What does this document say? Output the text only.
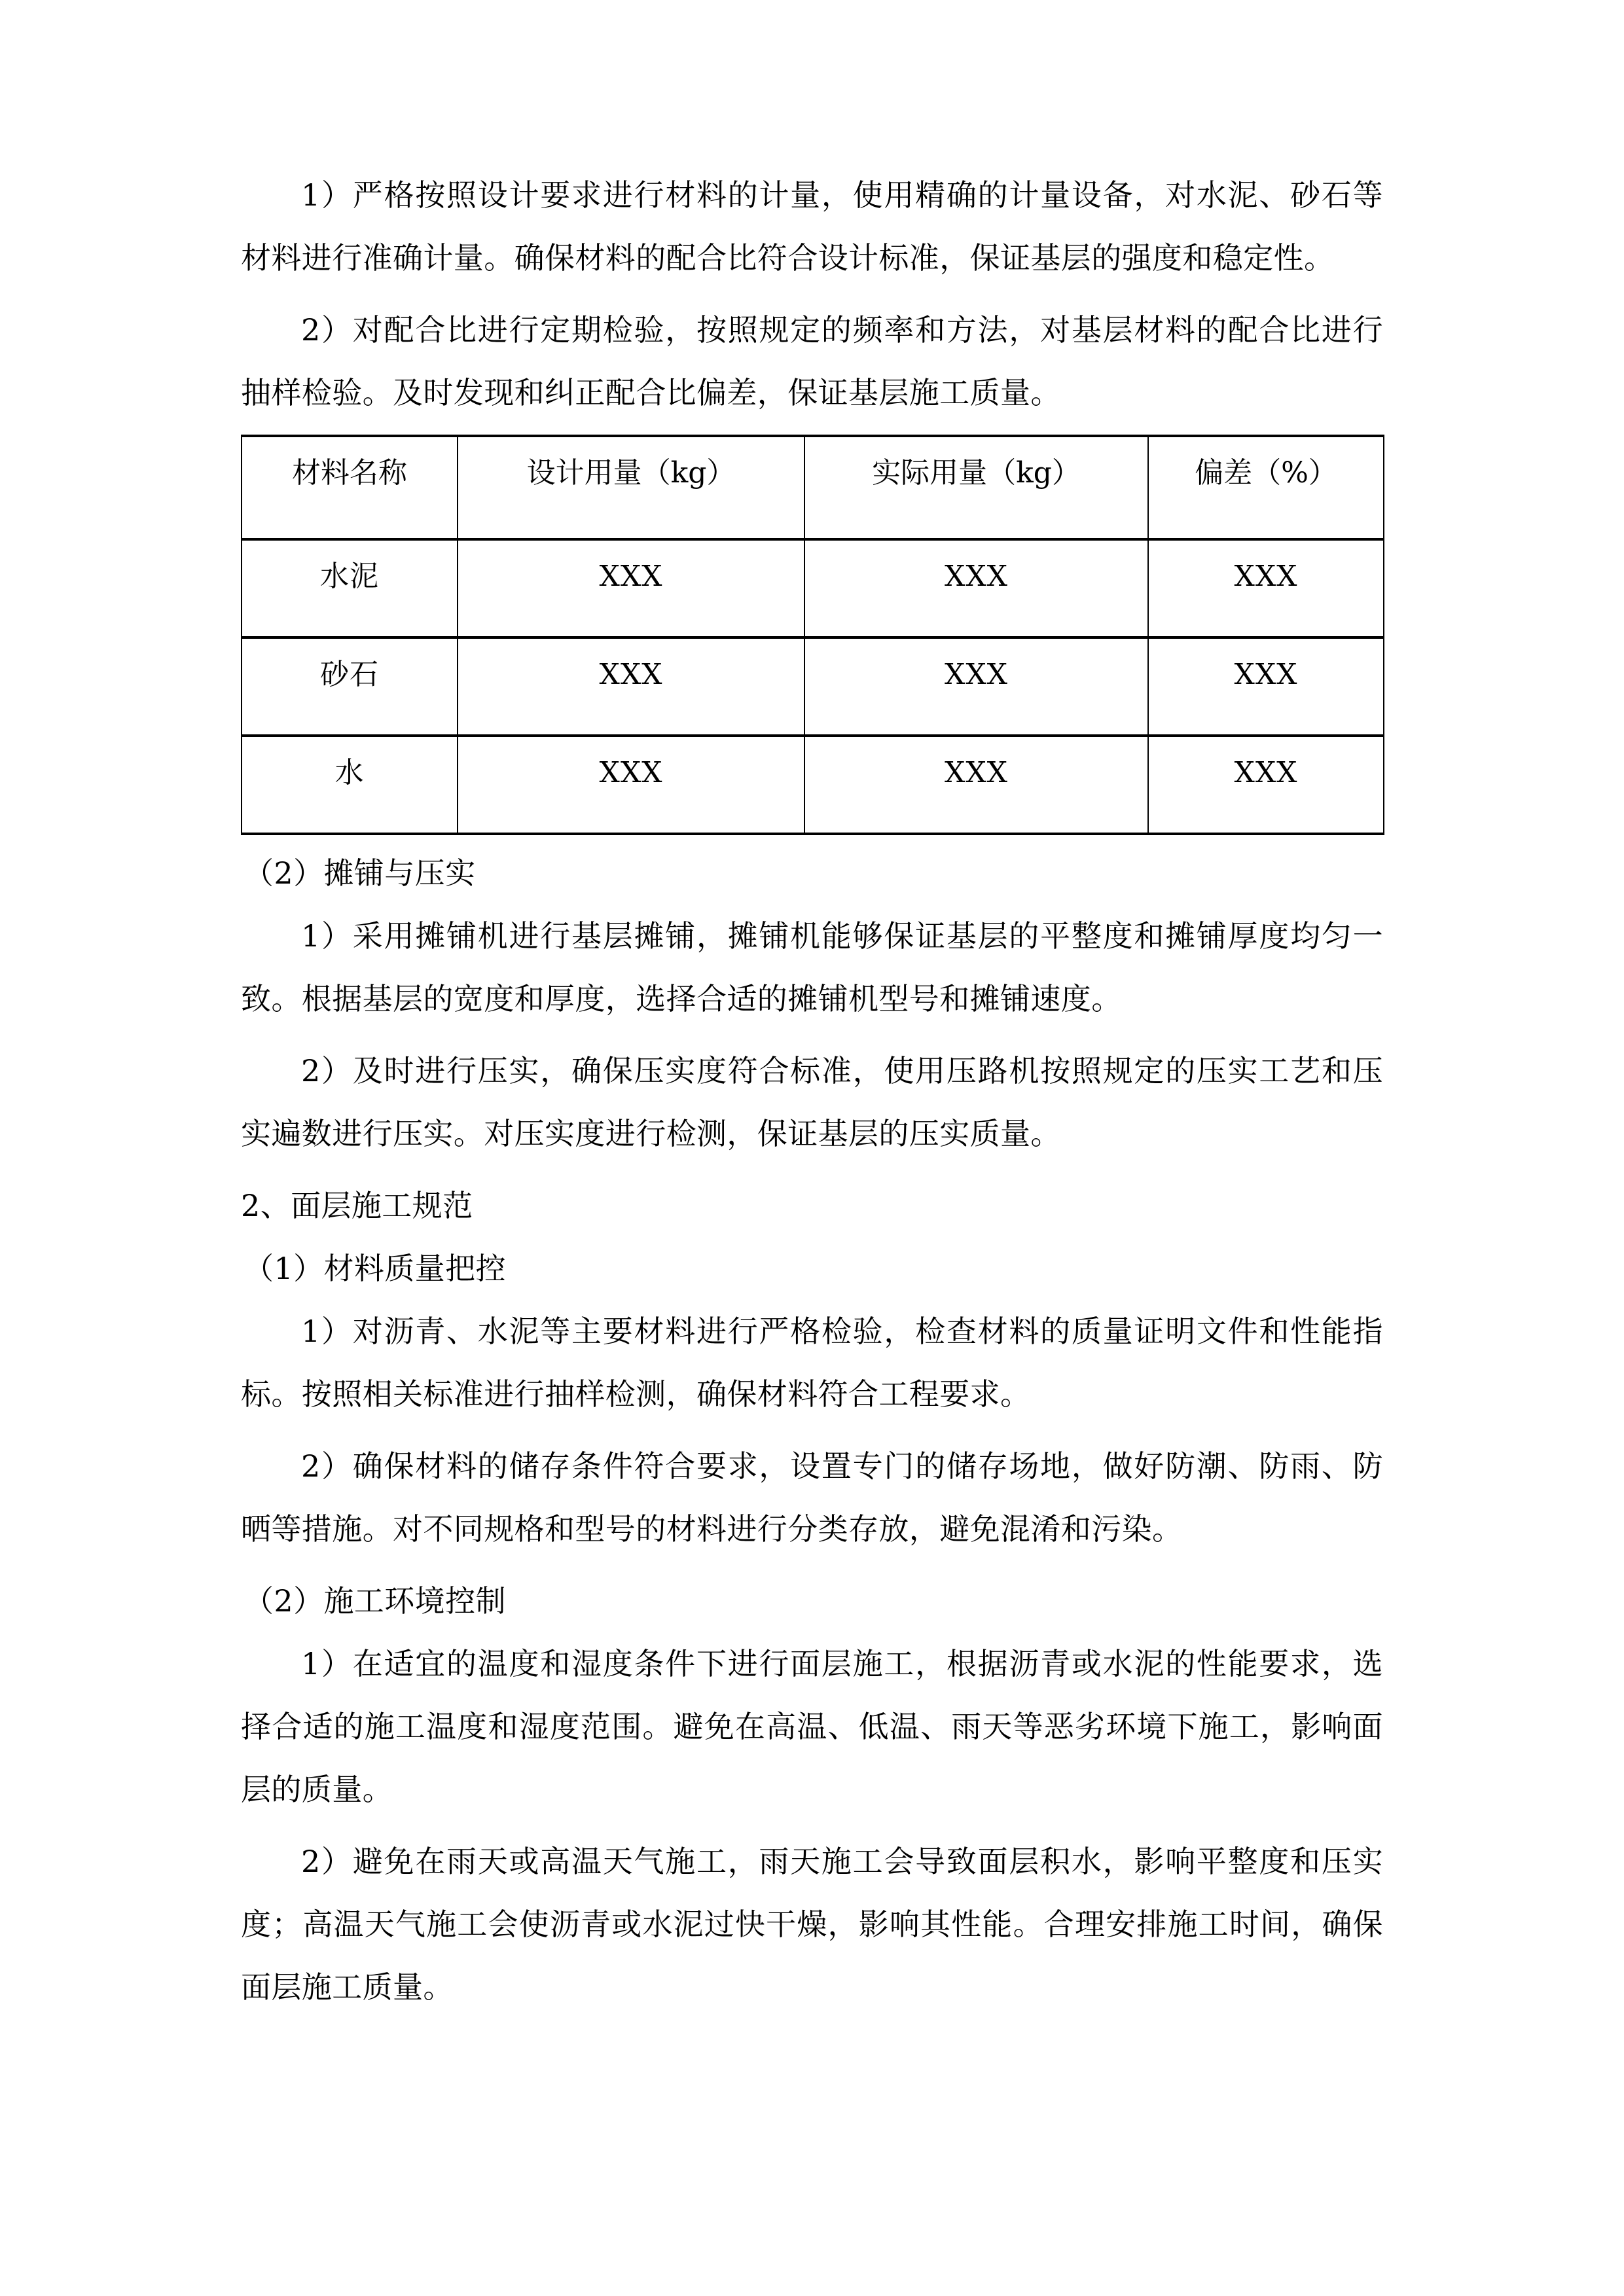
1）严格按照设计要求进行材料的计量，使用精确的计量设备，对水泥、砂石等材料进行准确计量。确保材料的配合比符合设计标准，保证基层的强度和稳定性。

2）对配合比进行定期检验，按照规定的频率和方法，对基层材料的配合比进行抽样检验。及时发现和纠正配合比偏差，保证基层施工质量。

材料名称	设计用量（kg）	实际用量（kg）	偏差（%）
水泥	XXX	XXX	XXX
砂石	XXX	XXX	XXX
水	XXX	XXX	XXX

（2）摊铺与压实

1）采用摊铺机进行基层摊铺，摊铺机能够保证基层的平整度和摊铺厚度均匀一致。根据基层的宽度和厚度，选择合适的摊铺机型号和摊铺速度。

2）及时进行压实，确保压实度符合标准，使用压路机按照规定的压实工艺和压实遍数进行压实。对压实度进行检测，保证基层的压实质量。

2、面层施工规范

（1）材料质量把控

1）对沥青、水泥等主要材料进行严格检验，检查材料的质量证明文件和性能指标。按照相关标准进行抽样检测，确保材料符合工程要求。

2）确保材料的储存条件符合要求，设置专门的储存场地，做好防潮、防雨、防晒等措施。对不同规格和型号的材料进行分类存放，避免混淆和污染。

（2）施工环境控制

1）在适宜的温度和湿度条件下进行面层施工，根据沥青或水泥的性能要求，选择合适的施工温度和湿度范围。避免在高温、低温、雨天等恶劣环境下施工，影响面层的质量。

2）避免在雨天或高温天气施工，雨天施工会导致面层积水，影响平整度和压实度；高温天气施工会使沥青或水泥过快干燥，影响其性能。合理安排施工时间，确保面层施工质量。
